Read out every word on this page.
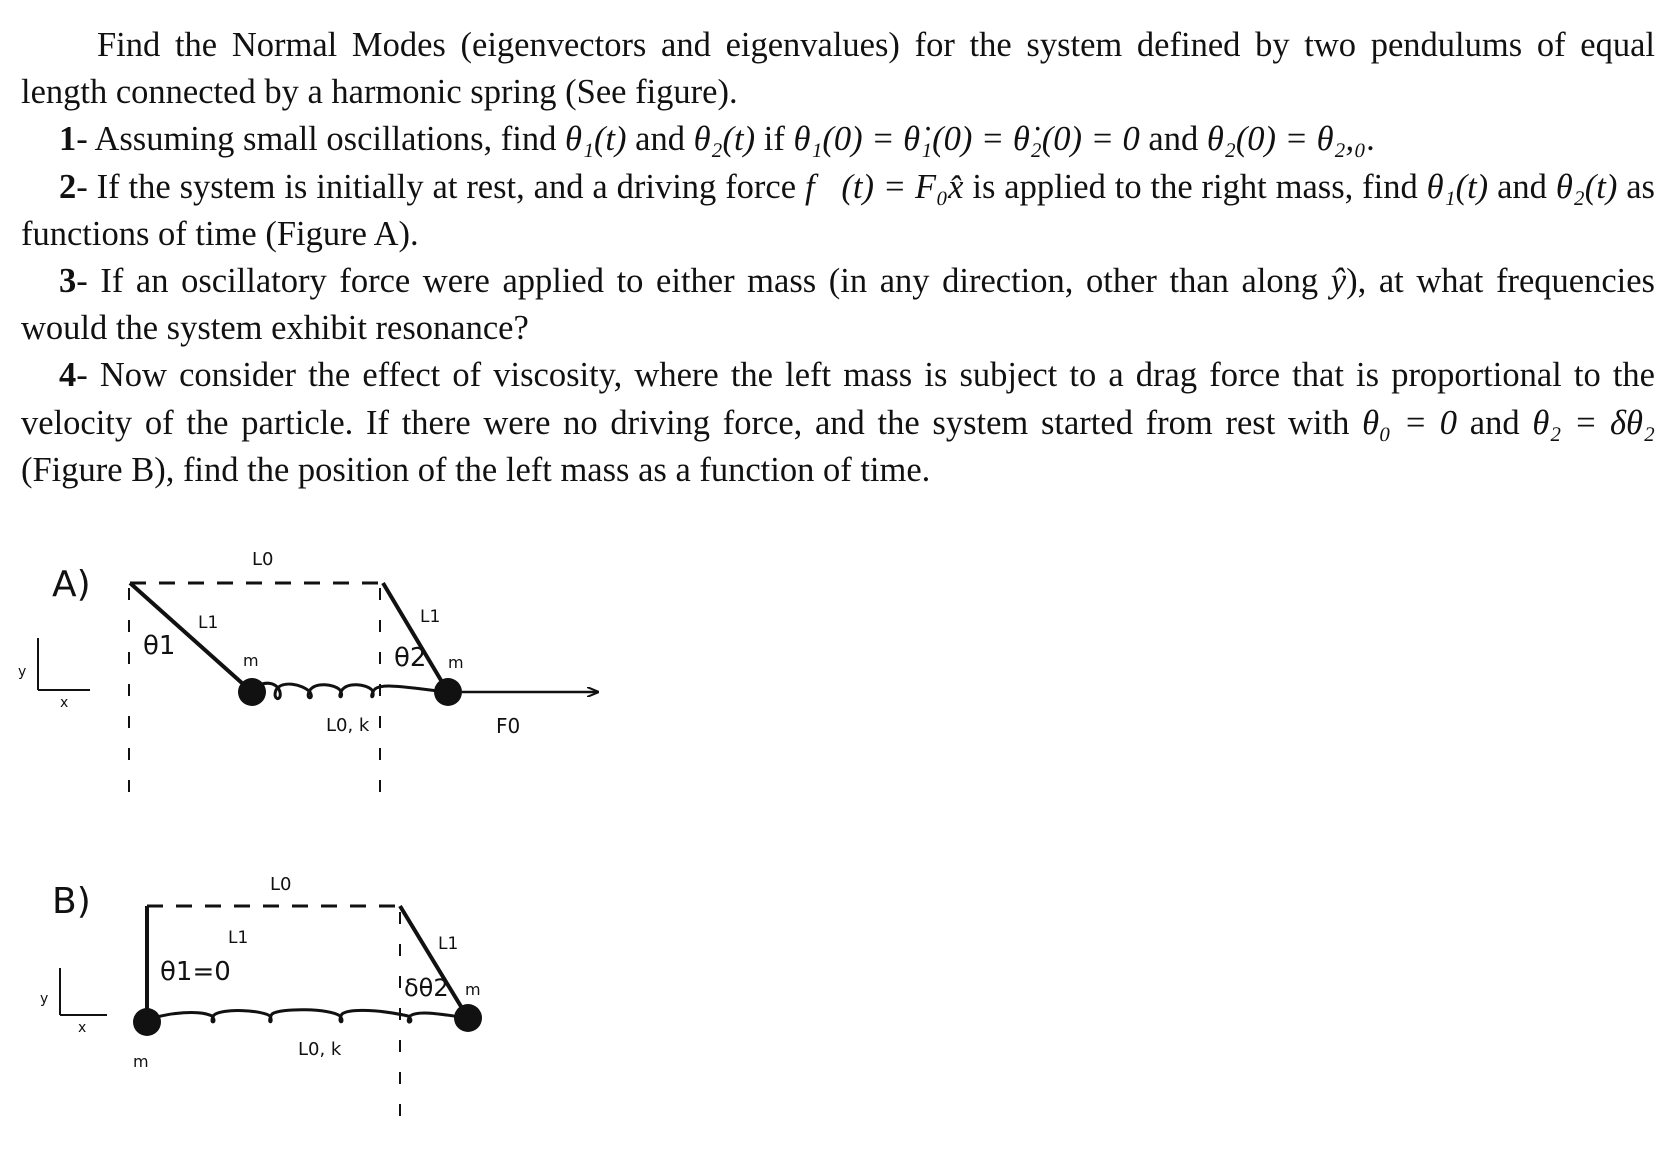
Find the Normal Modes (eigenvectors and eigenvalues) for the system defined by two pendulums of equal length connected by a harmonic spring (See figure).

1- Assuming small oscillations, find θ₁(t) and θ₂(t) if θ₁(0) = θ̇₁(0) = θ̇₂(0) = 0 and θ₂(0) = θ₂,₀.

2- If the system is initially at rest, and a driving force f⃗(t) = F₀x̂ is applied to the right mass, find θ₁(t) and θ₂(t) as functions of time (Figure A).

3- If an oscillatory force were applied to either mass (in any direction, other than along ŷ), at what frequencies would the system exhibit resonance?

4- Now consider the effect of viscosity, where the left mass is subject to a drag force that is proportional to the velocity of the particle. If there were no driving force, and the system started from rest with θ₀ = 0 and θ₂ = δθ₂ (Figure B), find the position of the left mass as a function of time.

A)
y
x
L0
L1	L1
θ1	θ2
m	m
L0, k	F0
B)
y
x
L0
L1	L1
θ1=0
δθ2
m
m
L0, k
